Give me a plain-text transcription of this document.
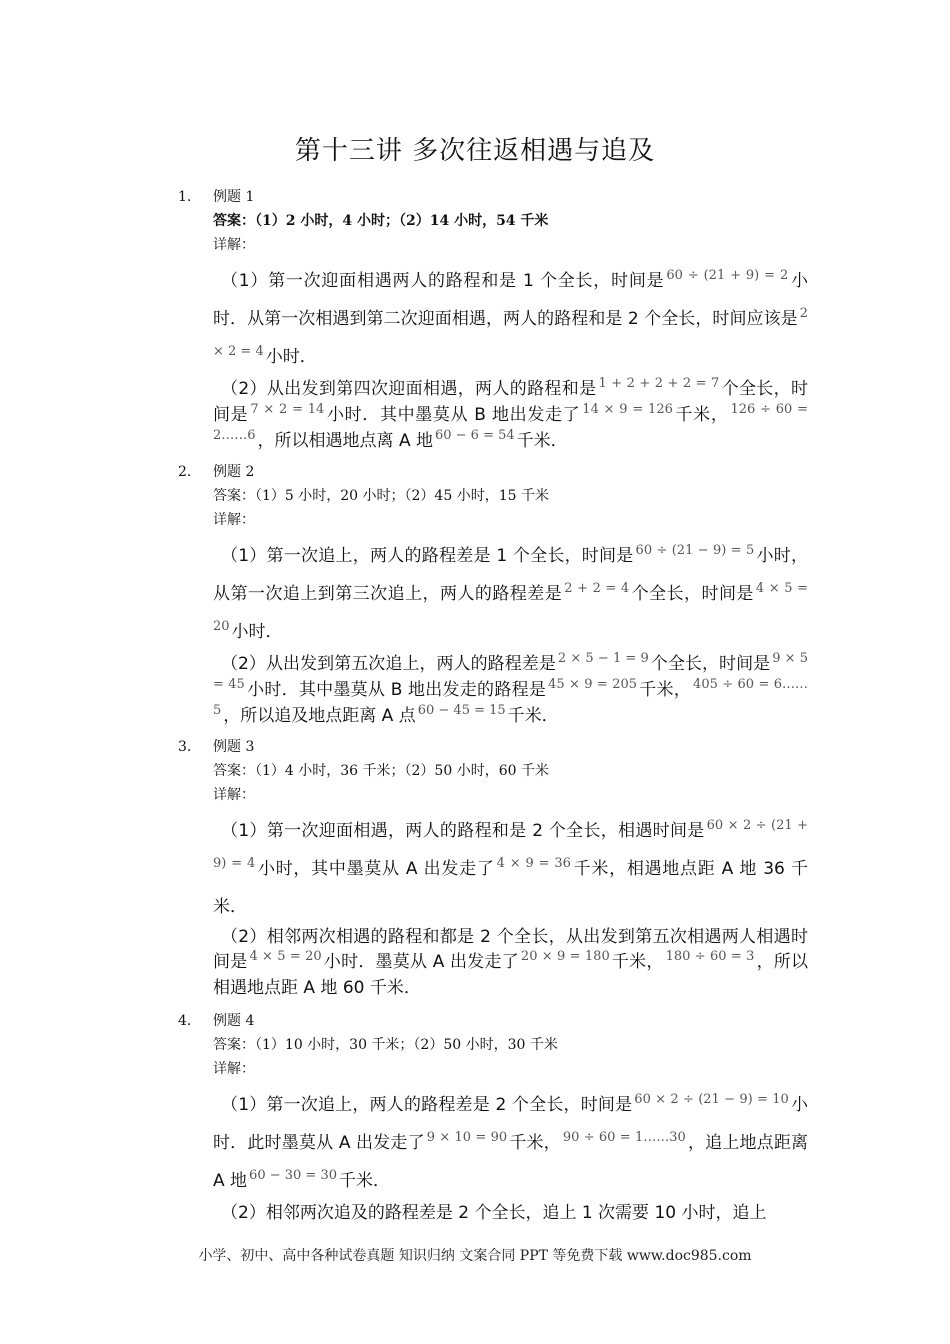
第十三讲 多次往返相遇与追及
1. 例题 1
答案：（1）2 小时，4 小时；（2）14 小时，54 千米
详解：

（1）第一次迎面相遇两人的路程和是 1 个全长，时间是 $^{60 \div (21 + 9) = 2}$ 小时．从第一次相遇到第二次迎面相遇，两人的路程和是 2 个全长，时间应该是 $^{2 \times 2 = 4}$ 小时．

（2）从出发到第四次迎面相遇，两人的路程和是 $^{1 + 2 + 2 + 2 = 7}$ 个全长，时间是 $^{7 \times 2 = 14}$ 小时．其中墨莫从 B 地出发走了 $^{14 \times 9 = 126}$ 千米， $^{126 \div 60 = 2\dots\dots 6}$ ，所以相遇地点离 A 地 $^{60 - 6 = 54}$ 千米．

2. 例题 2
答案：（1）5 小时，20 小时；（2）45 小时，15 千米
详解：

（1）第一次追上，两人的路程差是 1 个全长，时间是 $^{60 \div (21 - 9) = 5}$ 小时，从第一次追上到第三次追上，两人的路程差是 $^{2 + 2 = 4}$ 个全长，时间是 $^{4 \times 5 = 20}$ 小时．

（2）从出发到第五次追上，两人的路程差是 $^{2 \times 5 - 1 = 9}$ 个全长，时间是 $^{9 \times 5 = 45}$ 小时．其中墨莫从 B 地出发走的路程是 $^{45 \times 9 = 205}$ 千米， $^{405 \div 60 = 6\dots\dots 5}$ ，所以追及地点距离 A 点 $^{60 - 45 = 15}$ 千米．

3. 例题 3
答案：（1）4 小时，36 千米；（2）50 小时，60 千米
详解：

（1）第一次迎面相遇，两人的路程和是 2 个全长，相遇时间是 $^{60 \times 2 \div (21 + 9) = 4}$ 小时，其中墨莫从 A 出发走了 $^{4 \times 9 = 36}$ 千米，相遇地点距 A 地 36 千米．

（2）相邻两次相遇的路程和都是 2 个全长，从出发到第五次相遇两人相遇时间是 $^{4 \times 5 = 20}$ 小时．墨莫从 A 出发走了 $^{20 \times 9 = 180}$ 千米， $^{180 \div 60 = 3}$ ，所以相遇地点距 A 地 60 千米．

4. 例题 4
答案：（1）10 小时，30 千米；（2）50 小时，30 千米
详解：

（1）第一次追上，两人的路程差是 2 个全长，时间是 $^{60 \times 2 \div (21 - 9) = 10}$ 小时．此时墨莫从 A 出发走了 $^{9 \times 10 = 90}$ 千米， $^{90 \div 60 = 1\dots\dots 30}$ ，追上地点距离 A 地 $^{60 - 30 = 30}$ 千米．

（2）相邻两次追及的路程差是 2 个全长，追上 1 次需要 10 小时，追上

小学、初中、高中各种试卷真题 知识归纳 文案合同 PPT 等免费下载 www.doc985.com
